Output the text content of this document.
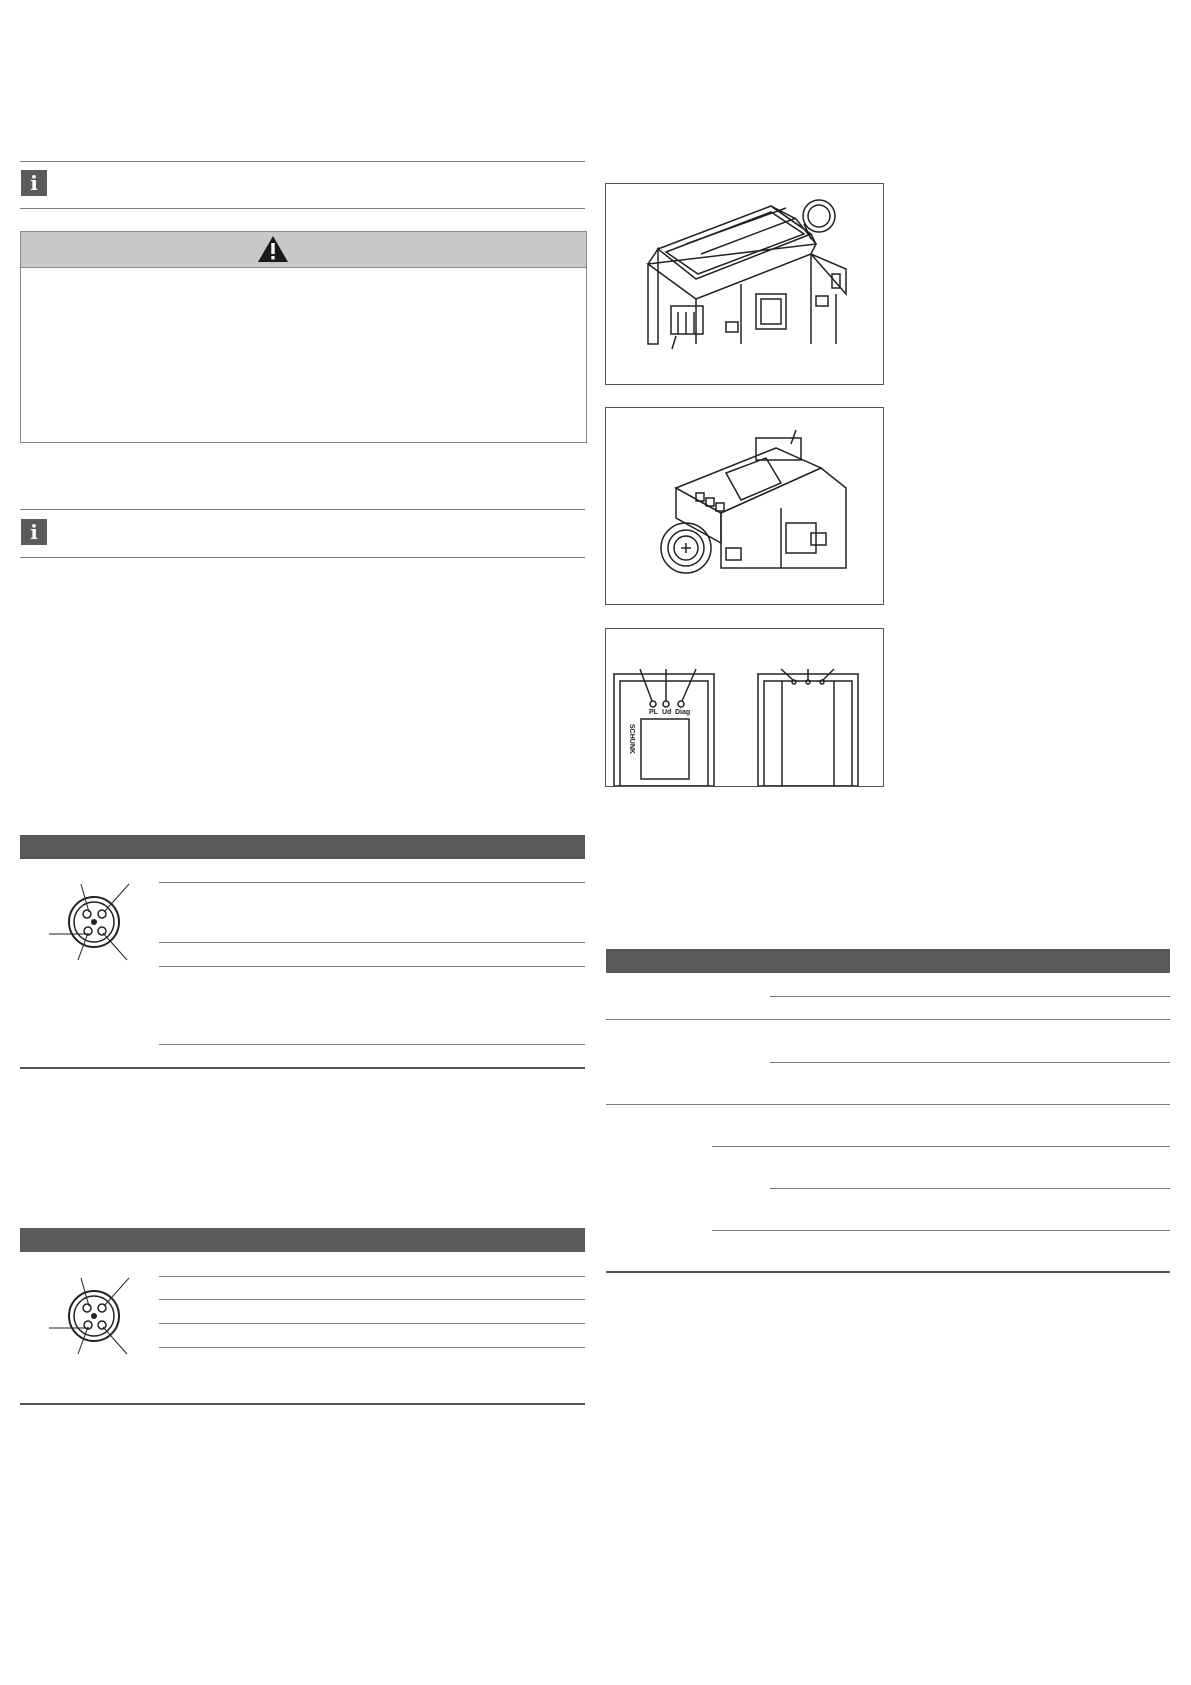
i
i
PL Ud Diag
SCHUNK
